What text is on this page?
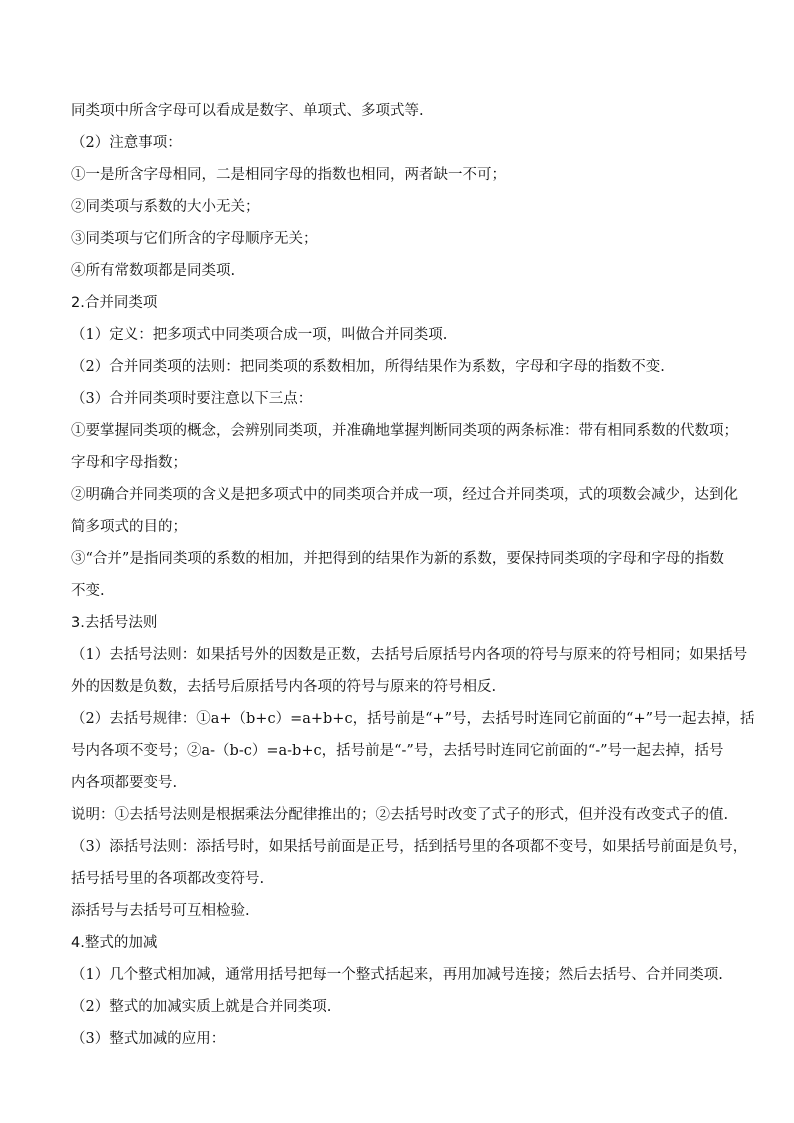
同类项中所含字母可以看成是数字、单项式、多项式等.
（2）注意事项：
①一是所含字母相同，二是相同字母的指数也相同，两者缺一不可；
②同类项与系数的大小无关；
③同类项与它们所含的字母顺序无关；
④所有常数项都是同类项.
2.合并同类项
（1）定义：把多项式中同类项合成一项，叫做合并同类项.
（2）合并同类项的法则：把同类项的系数相加，所得结果作为系数，字母和字母的指数不变.
（3）合并同类项时要注意以下三点：
①要掌握同类项的概念，会辨别同类项，并准确地掌握判断同类项的两条标准：带有相同系数的代数项；
字母和字母指数；
②明确合并同类项的含义是把多项式中的同类项合并成一项，经过合并同类项，式的项数会减少，达到化
简多项式的目的；
③“合并”是指同类项的系数的相加，并把得到的结果作为新的系数，要保持同类项的字母和字母的指数
不变.
3.去括号法则
（1）去括号法则：如果括号外的因数是正数，去括号后原括号内各项的符号与原来的符号相同；如果括号
外的因数是负数，去括号后原括号内各项的符号与原来的符号相反.
（2）去括号规律：①a+（b+c）=a+b+c，括号前是“+”号，去括号时连同它前面的“+”号一起去掉，括
号内各项不变号；②a-（b-c）=a-b+c，括号前是“-”号，去括号时连同它前面的“-”号一起去掉，括号
内各项都要变号.
说明：①去括号法则是根据乘法分配律推出的；②去括号时改变了式子的形式，但并没有改变式子的值.
（3）添括号法则：添括号时，如果括号前面是正号，括到括号里的各项都不变号，如果括号前面是负号，
括号括号里的各项都改变符号.
添括号与去括号可互相检验.
4.整式的加减
（1）几个整式相加减，通常用括号把每一个整式括起来，再用加减号连接；然后去括号、合并同类项.
（2）整式的加减实质上就是合并同类项.
（3）整式加减的应用：
